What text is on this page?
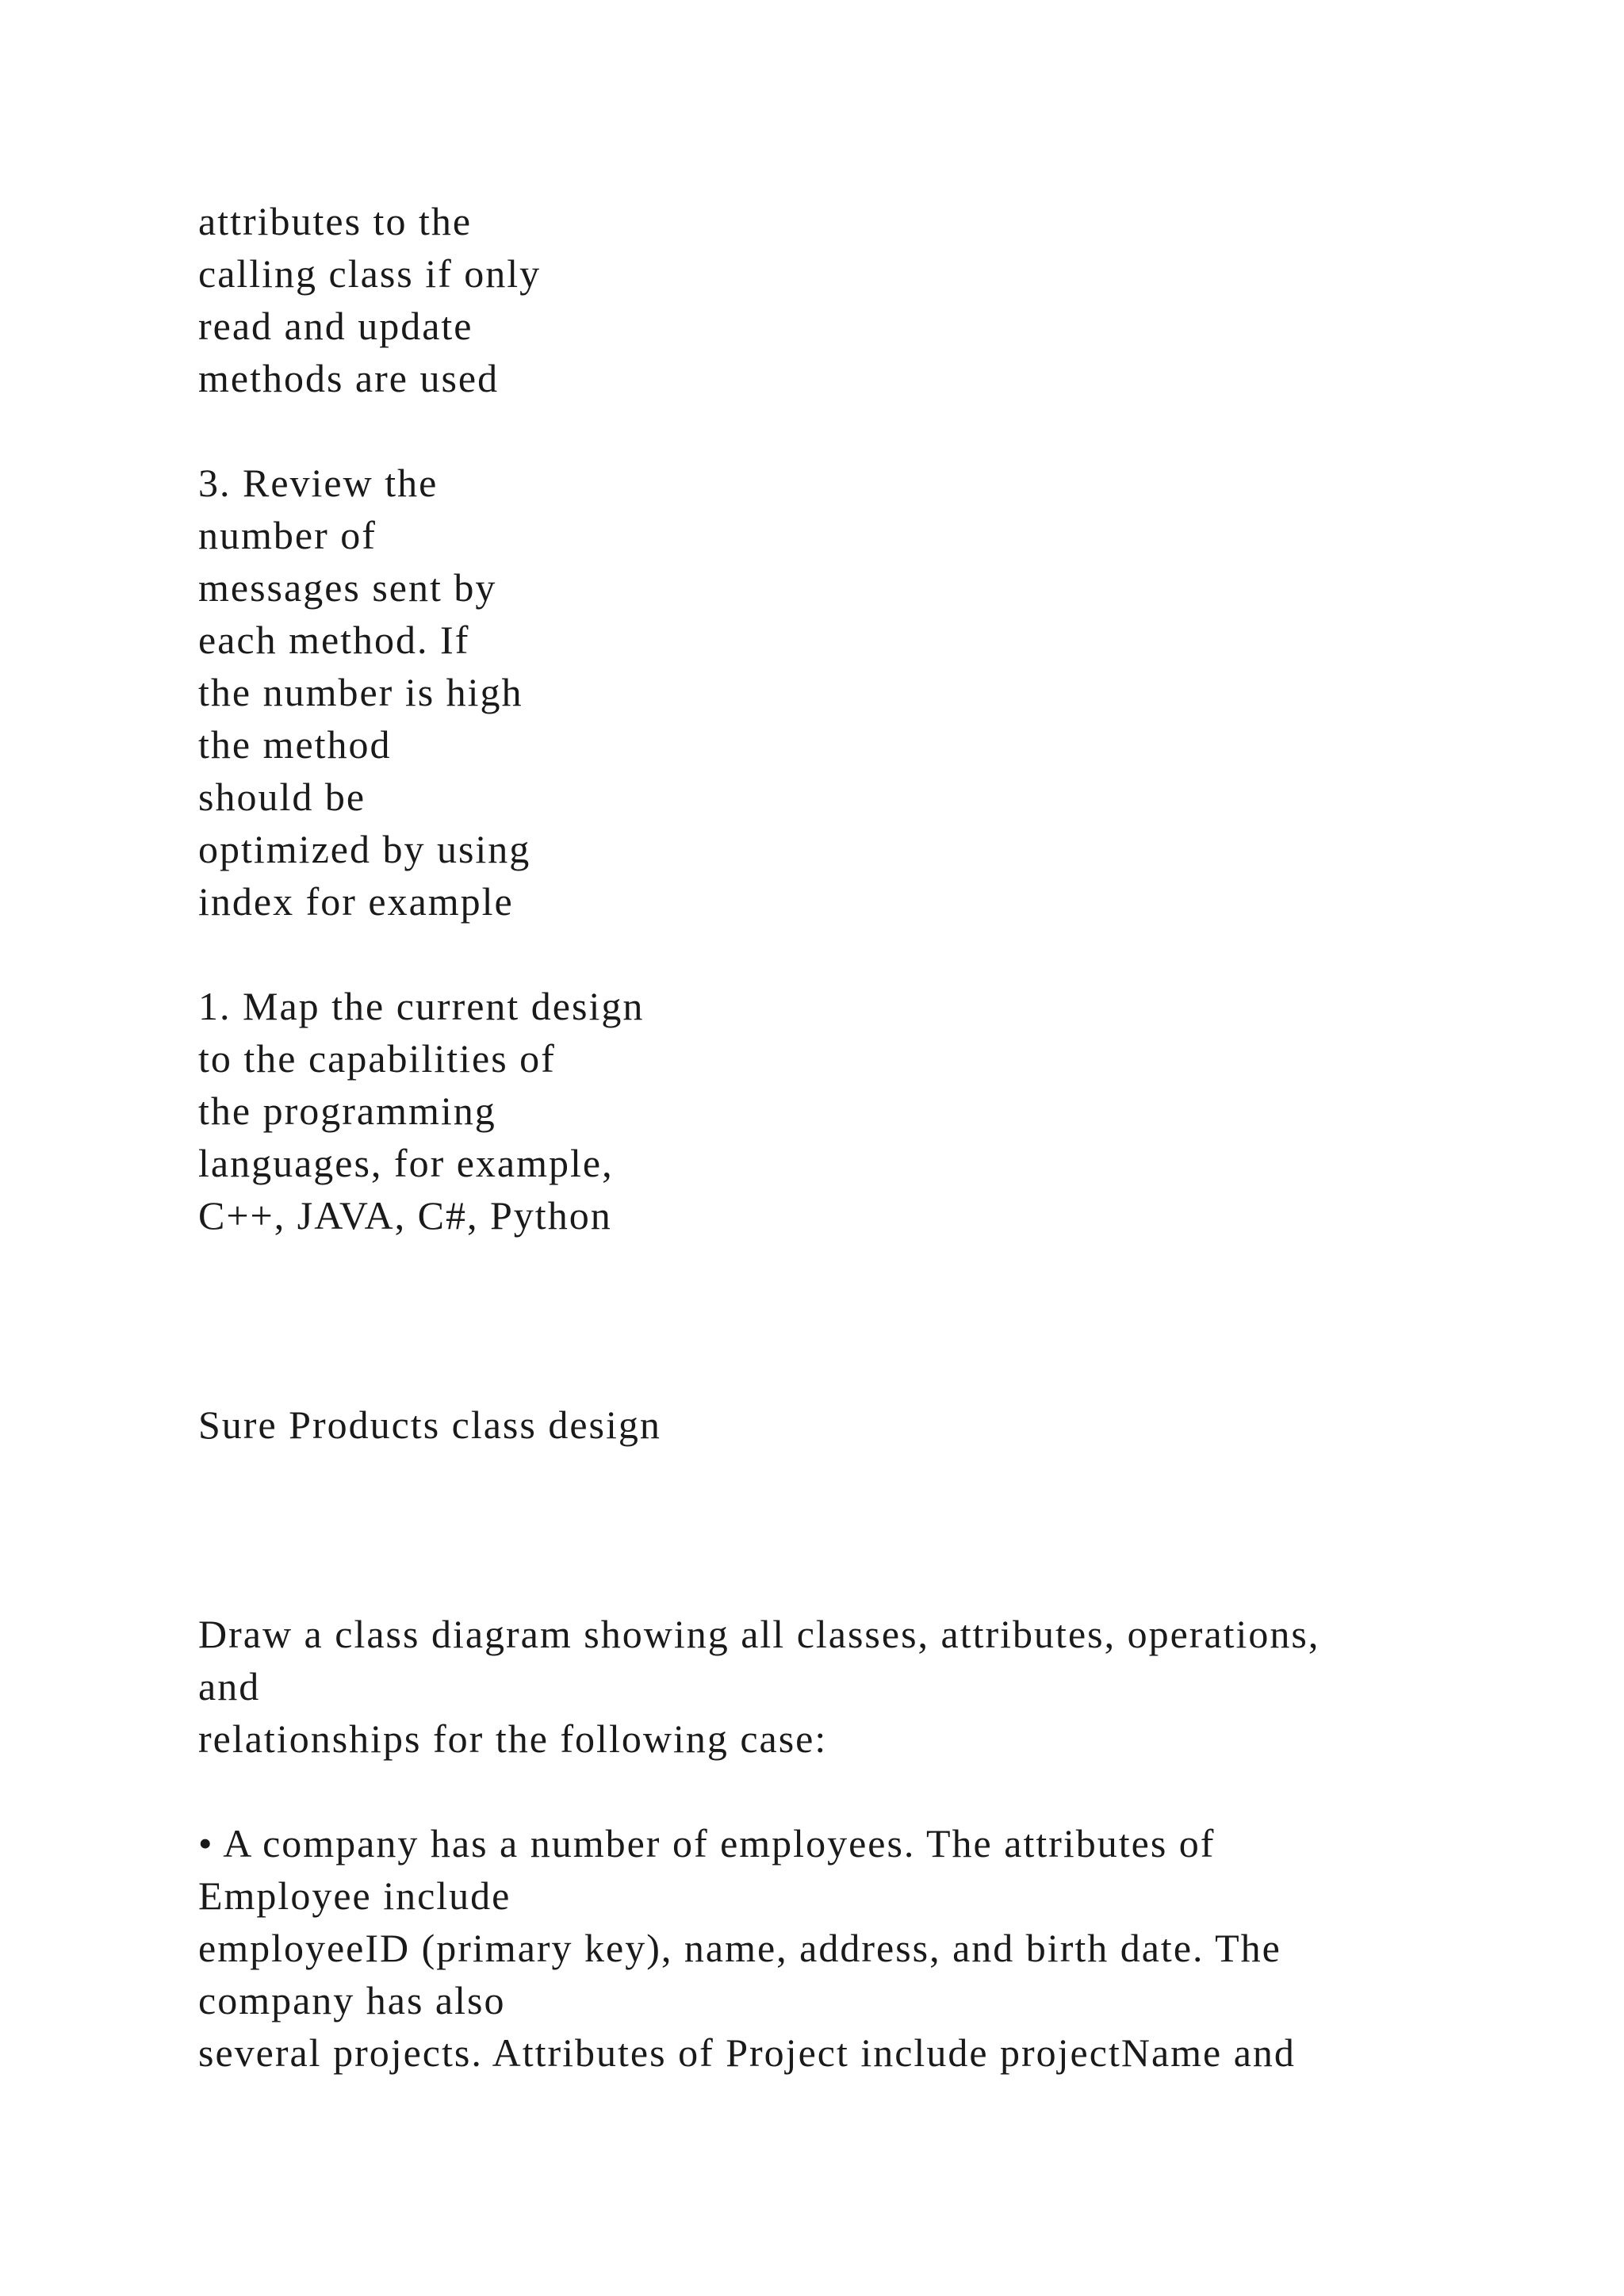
attributes to the

calling class if only

read and update

methods are used

3. Review the

number of

messages sent by

each method. If

the number is high

the method

should be

optimized by using

index for example

1. Map the current design

to the capabilities of

the programming

languages, for example,

C++, JAVA, C#, Python

Sure Products class design

Draw a class diagram showing all classes, attributes, operations,

and

relationships for the following case:

• A company has a number of employees. The attributes of

Employee include

employeeID (primary key), name, address, and birth date. The

company has also

several projects. Attributes of Project include projectName and
